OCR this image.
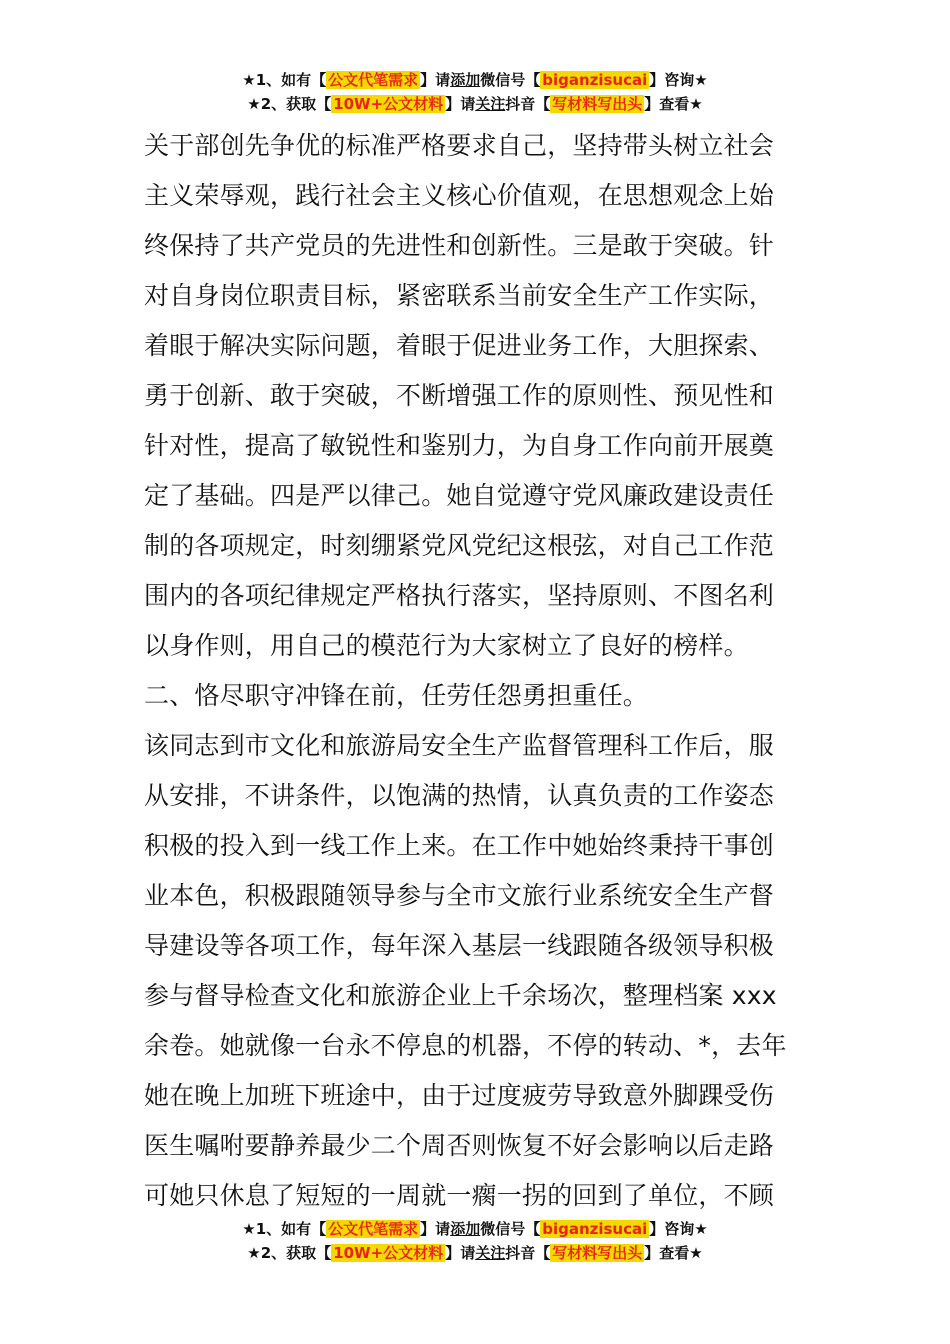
★1、如有【 公文代笔需求 】请添加微信号【 biganzisucai 】咨询★
★2、获取【 10W+公文材料 】请关注抖音【 写材料写出头 】查看★
关于部创先争优的标准严格要求自己，坚持带头树立社会
主义荣辱观，践行社会主义核心价值观，在思想观念上始
终保持了共产党员的先进性和创新性。三是敢于突破。针
对自身岗位职责目标，紧密联系当前安全生产工作实际，
着眼于解决实际问题，着眼于促进业务工作，大胆探索、
勇于创新、敢于突破，不断增强工作的原则性、预见性和
针对性，提高了敏锐性和鉴别力，为自身工作向前开展奠
定了基础。四是严以律己。她自觉遵守党风廉政建设责任
制的各项规定，时刻绷紧党风党纪这根弦，对自己工作范
围内的各项纪律规定严格执行落实，坚持原则、不图名利
以身作则，用自己的模范行为大家树立了良好的榜样。
二、恪尽职守冲锋在前，任劳任怨勇担重任。
该同志到市文化和旅游局安全生产监督管理科工作后，服
从安排，不讲条件，以饱满的热情，认真负责的工作姿态
积极的投入到一线工作上来。在工作中她始终秉持干事创
业本色，积极跟随领导参与全市文旅行业系统安全生产督
导建设等各项工作，每年深入基层一线跟随各级领导积极
参与督导检查文化和旅游企业上千余场次，整理档案 xxx
余卷。她就像一台永不停息的机器，不停的转动、*，去年
她在晚上加班下班途中，由于过度疲劳导致意外脚踝受伤
医生嘱咐要静养最少二个周否则恢复不好会影响以后走路
可她只休息了短短的一周就一瘸一拐的回到了单位，不顾
★1、如有【 公文代笔需求 】请添加微信号【 biganzisucai 】咨询★
★2、获取【 10W+公文材料 】请关注抖音【 写材料写出头 】查看★
